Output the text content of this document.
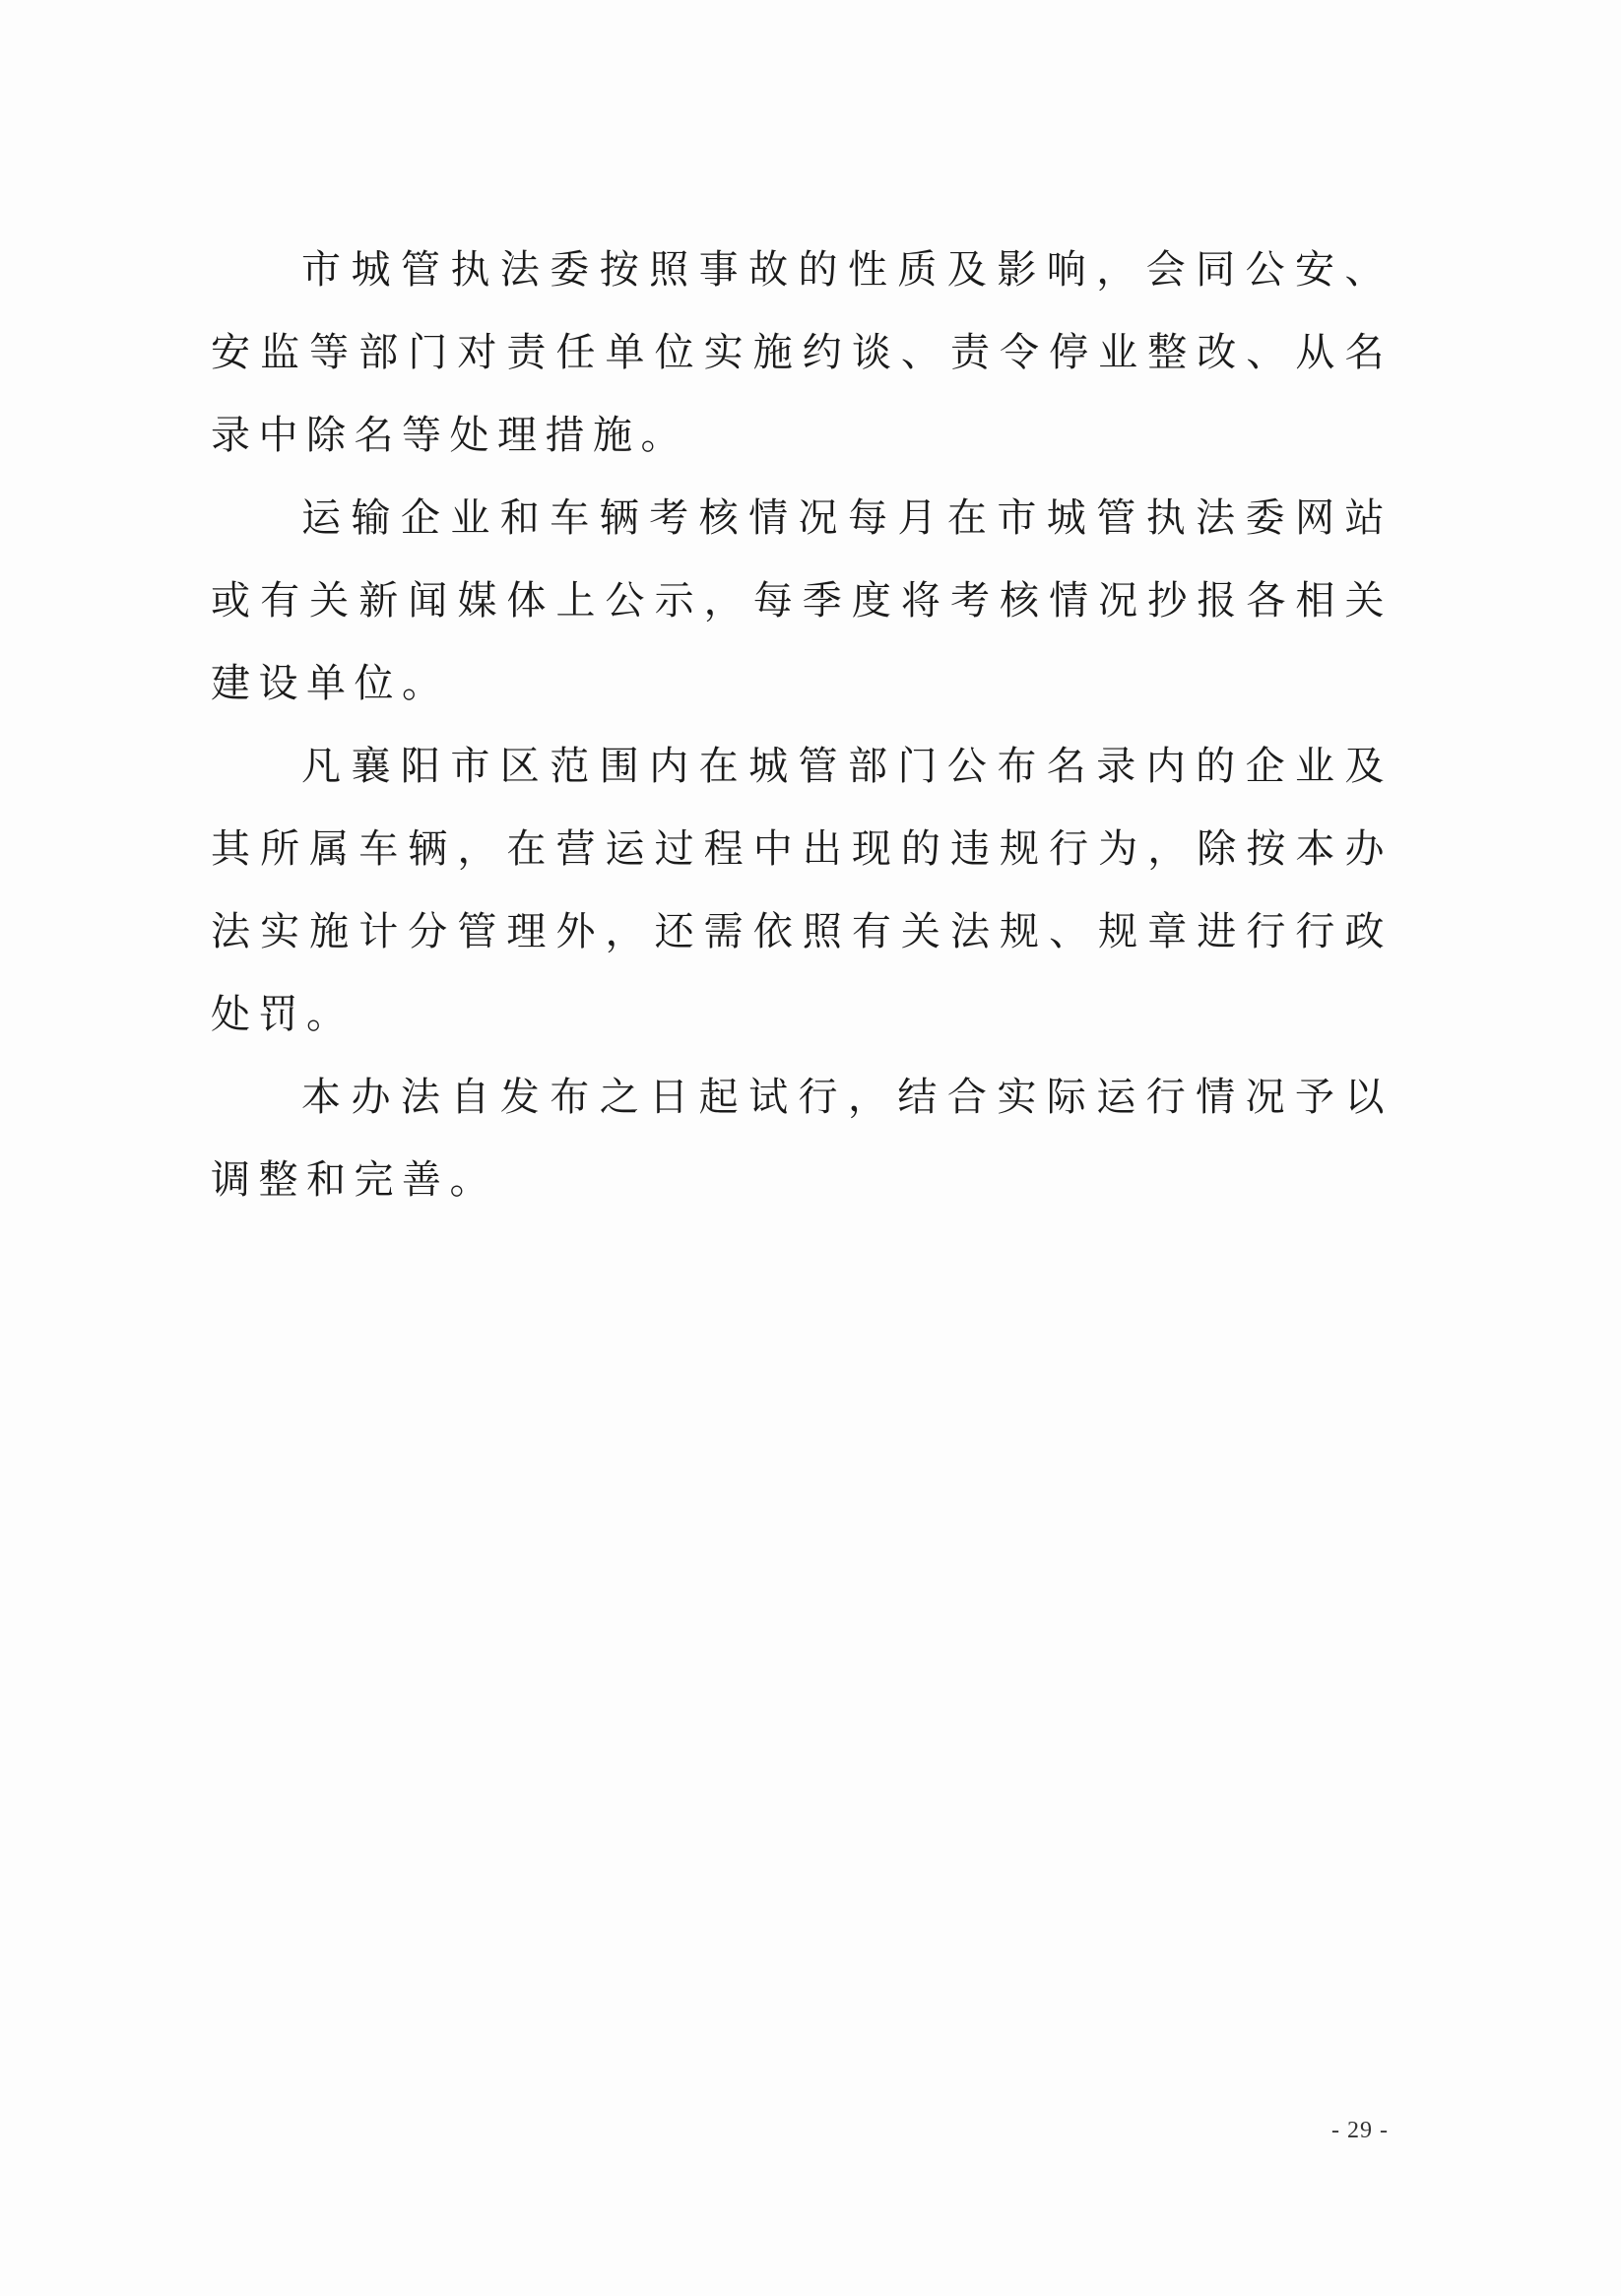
市城管执法委按照事故的性质及影响，会同公安、安监等部门对责任单位实施约谈、责令停业整改、从名录中除名等处理措施。

运输企业和车辆考核情况每月在市城管执法委网站或有关新闻媒体上公示，每季度将考核情况抄报各相关建设单位。

凡襄阳市区范围内在城管部门公布名录内的企业及其所属车辆，在营运过程中出现的违规行为，除按本办法实施计分管理外，还需依照有关法规、规章进行行政处罚。

本办法自发布之日起试行，结合实际运行情况予以调整和完善。

- 29 -
